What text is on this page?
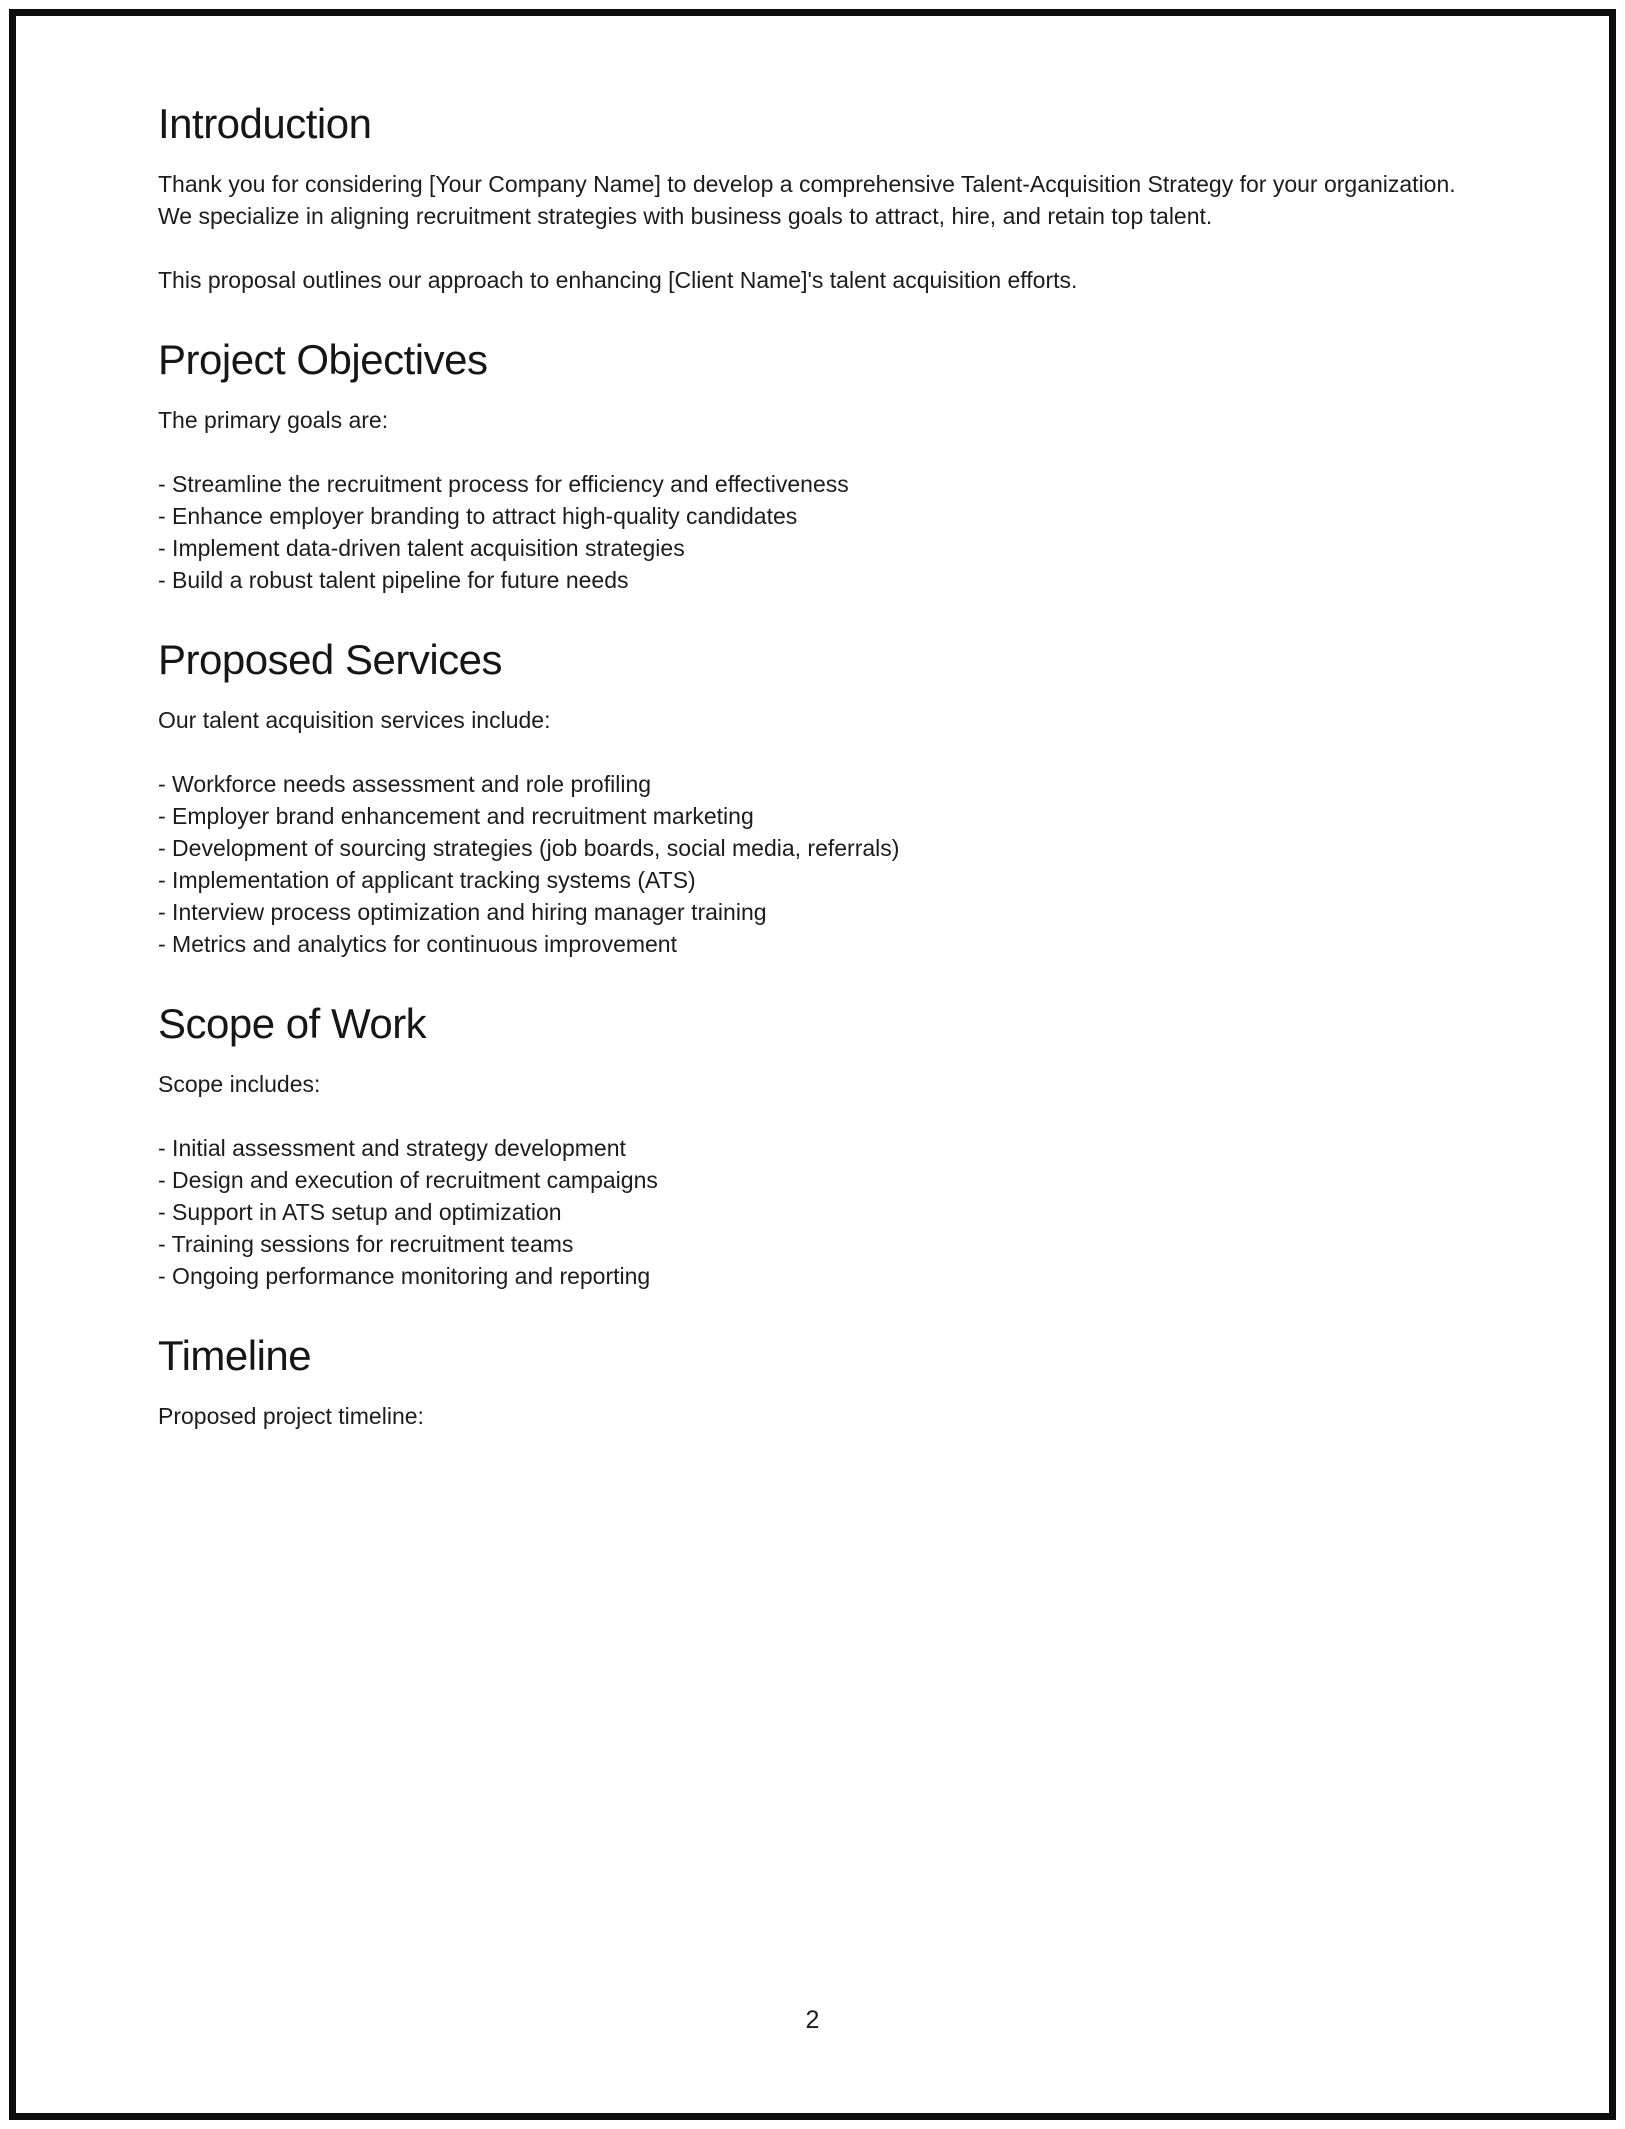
Introduction

Thank you for considering [Your Company Name] to develop a comprehensive Talent-Acquisition Strategy for your organization. We specialize in aligning recruitment strategies with business goals to attract, hire, and retain top talent.

This proposal outlines our approach to enhancing [Client Name]'s talent acquisition efforts.

Project Objectives

The primary goals are:

- Streamline the recruitment process for efficiency and effectiveness
- Enhance employer branding to attract high-quality candidates
- Implement data-driven talent acquisition strategies
- Build a robust talent pipeline for future needs
Proposed Services

Our talent acquisition services include:

- Workforce needs assessment and role profiling
- Employer brand enhancement and recruitment marketing
- Development of sourcing strategies (job boards, social media, referrals)
- Implementation of applicant tracking systems (ATS)
- Interview process optimization and hiring manager training
- Metrics and analytics for continuous improvement
Scope of Work

Scope includes:

- Initial assessment and strategy development
- Design and execution of recruitment campaigns
- Support in ATS setup and optimization
- Training sessions for recruitment teams
- Ongoing performance monitoring and reporting
Timeline

Proposed project timeline:

2
